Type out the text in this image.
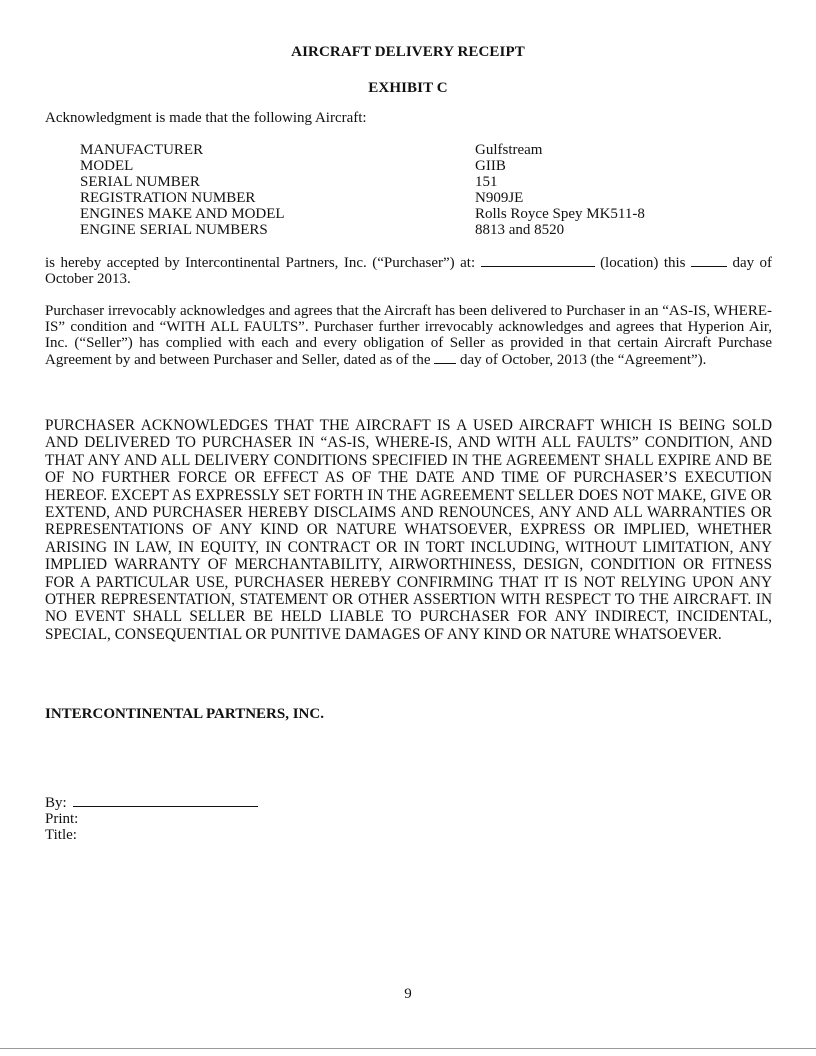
AIRCRAFT DELIVERY RECEIPT
EXHIBIT C
Acknowledgment is made that the following Aircraft:
MANUFACTURER	Gulfstream
MODEL	GIIB
SERIAL NUMBER	151
REGISTRATION NUMBER	N909JE
ENGINES MAKE AND MODEL	Rolls Royce Spey MK511-8
ENGINE SERIAL NUMBERS	8813 and 8520
is hereby accepted by Intercontinental Partners, Inc. (“Purchaser”) at:	(location) this	day of October 2013.
Purchaser irrevocably acknowledges and agrees that the Aircraft has been delivered to Purchaser in an “AS-IS, WHERE-IS” condition and “WITH ALL FAULTS”. Purchaser further irrevocably acknowledges and agrees that Hyperion Air, Inc. (“Seller”) has complied with each and every obligation of Seller as provided in that certain Aircraft Purchase Agreement by and between Purchaser and Seller, dated as of the day of October, 2013 (the “Agreement”).
PURCHASER ACKNOWLEDGES THAT THE AIRCRAFT IS A USED AIRCRAFT WHICH IS BEING SOLD AND DELIVERED TO PURCHASER IN “AS-IS, WHERE-IS, AND WITH ALL FAULTS” CONDITION, AND THAT ANY AND ALL DELIVERY CONDITIONS SPECIFIED IN THE AGREEMENT SHALL EXPIRE AND BE OF NO FURTHER FORCE OR EFFECT AS OF THE DATE AND TIME OF PURCHASER’S EXECUTION HEREOF. EXCEPT AS EXPRESSLY SET FORTH IN THE AGREEMENT SELLER DOES NOT MAKE, GIVE OR EXTEND, AND PURCHASER HEREBY DISCLAIMS AND RENOUNCES, ANY AND ALL WARRANTIES OR REPRESENTATIONS OF ANY KIND OR NATURE WHATSOEVER, EXPRESS OR IMPLIED, WHETHER ARISING IN LAW, IN EQUITY, IN CONTRACT OR IN TORT INCLUDING, WITHOUT LIMITATION, ANY IMPLIED WARRANTY OF MERCHANTABILITY, AIRWORTHINESS, DESIGN, CONDITION OR FITNESS FOR A PARTICULAR USE, PURCHASER HEREBY CONFIRMING THAT IT IS NOT RELYING UPON ANY OTHER REPRESENTATION, STATEMENT OR OTHER ASSERTION WITH RESPECT TO THE AIRCRAFT. IN NO EVENT SHALL SELLER BE HELD LIABLE TO PURCHASER FOR ANY INDIRECT, INCIDENTAL, SPECIAL, CONSEQUENTIAL OR PUNITIVE DAMAGES OF ANY KIND OR NATURE WHATSOEVER.
INTERCONTINENTAL PARTNERS, INC.
By:
Print:
Title:
9
